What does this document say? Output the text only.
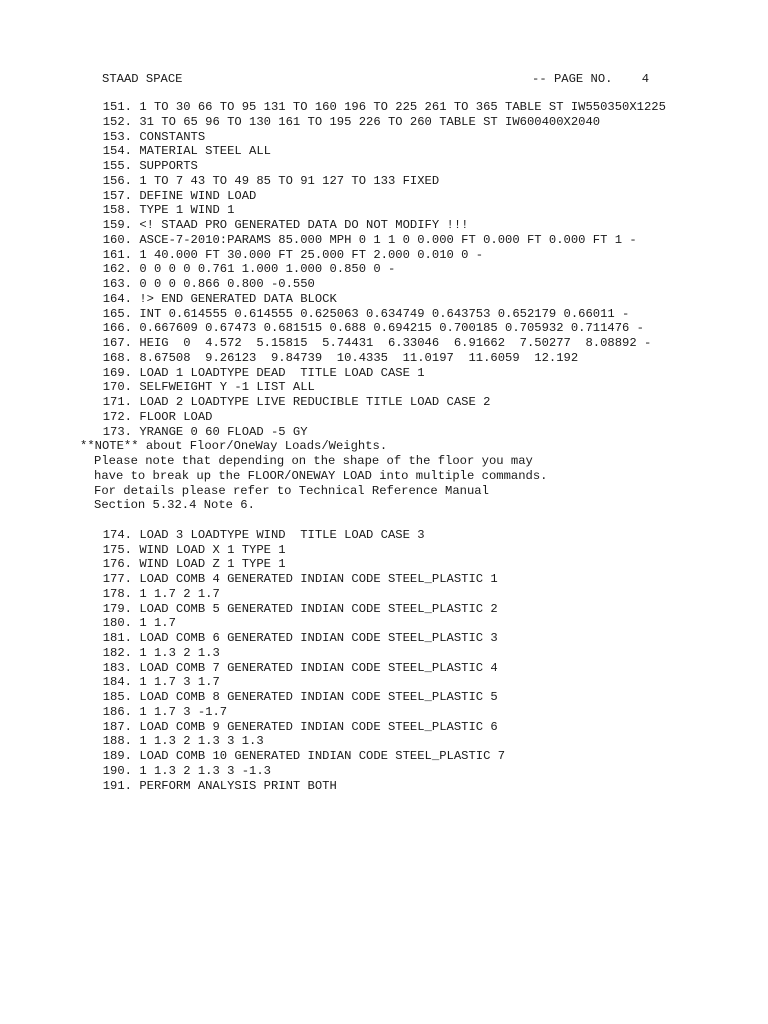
STAAD SPACE

	-- PAGE NO. 4

151. 1 TO 30 66 TO 95 131 TO 160 196 TO 225 261 TO 365 TABLE ST IW550350X1225
152. 31 TO 65 96 TO 130 161 TO 195 226 TO 260 TABLE ST IW600400X2040
153. CONSTANTS
154. MATERIAL STEEL ALL
155. SUPPORTS
156. 1 TO 7 43 TO 49 85 TO 91 127 TO 133 FIXED
157. DEFINE WIND LOAD
158. TYPE 1 WIND 1
159. <! STAAD PRO GENERATED DATA DO NOT MODIFY !!!
160. ASCE-7-2010:PARAMS 85.000 MPH 0 1 1 0 0.000 FT 0.000 FT 0.000 FT 1 -
161. 1 40.000 FT 30.000 FT 25.000 FT 2.000 0.010 0 -
162. 0 0 0 0 0.761 1.000 1.000 0.850 0 -
163. 0 0 0 0.866 0.800 -0.550
164. !> END GENERATED DATA BLOCK
165. INT 0.614555 0.614555 0.625063 0.634749 0.643753 0.652179 0.66011 -
166. 0.667609 0.67473 0.681515 0.688 0.694215 0.700185 0.705932 0.711476 -
167. HEIG  0  4.572  5.15815  5.74431  6.33046  6.91662  7.50277  8.08892 -
168. 8.67508  9.26123  9.84739  10.4335  11.0197  11.6059  12.192
169. LOAD 1 LOADTYPE DEAD  TITLE LOAD CASE 1
170. SELFWEIGHT Y -1 LIST ALL
171. LOAD 2 LOADTYPE LIVE REDUCIBLE TITLE LOAD CASE 2
172. FLOOR LOAD
173. YRANGE 0 60 FLOAD -5 GY
**NOTE** about Floor/OneWay Loads/Weights.
Please note that depending on the shape of the floor you may
have to break up the FLOOR/ONEWAY LOAD into multiple commands.
For details please refer to Technical Reference Manual
Section 5.32.4 Note 6.
174. LOAD 3 LOADTYPE WIND  TITLE LOAD CASE 3
175. WIND LOAD X 1 TYPE 1
176. WIND LOAD Z 1 TYPE 1
177. LOAD COMB 4 GENERATED INDIAN CODE STEEL_PLASTIC 1
178. 1 1.7 2 1.7
179. LOAD COMB 5 GENERATED INDIAN CODE STEEL_PLASTIC 2
180. 1 1.7
181. LOAD COMB 6 GENERATED INDIAN CODE STEEL_PLASTIC 3
182. 1 1.3 2 1.3
183. LOAD COMB 7 GENERATED INDIAN CODE STEEL_PLASTIC 4
184. 1 1.7 3 1.7
185. LOAD COMB 8 GENERATED INDIAN CODE STEEL_PLASTIC 5
186. 1 1.7 3 -1.7
187. LOAD COMB 9 GENERATED INDIAN CODE STEEL_PLASTIC 6
188. 1 1.3 2 1.3 3 1.3
189. LOAD COMB 10 GENERATED INDIAN CODE STEEL_PLASTIC 7
190. 1 1.3 2 1.3 3 -1.3
191. PERFORM ANALYSIS PRINT BOTH
